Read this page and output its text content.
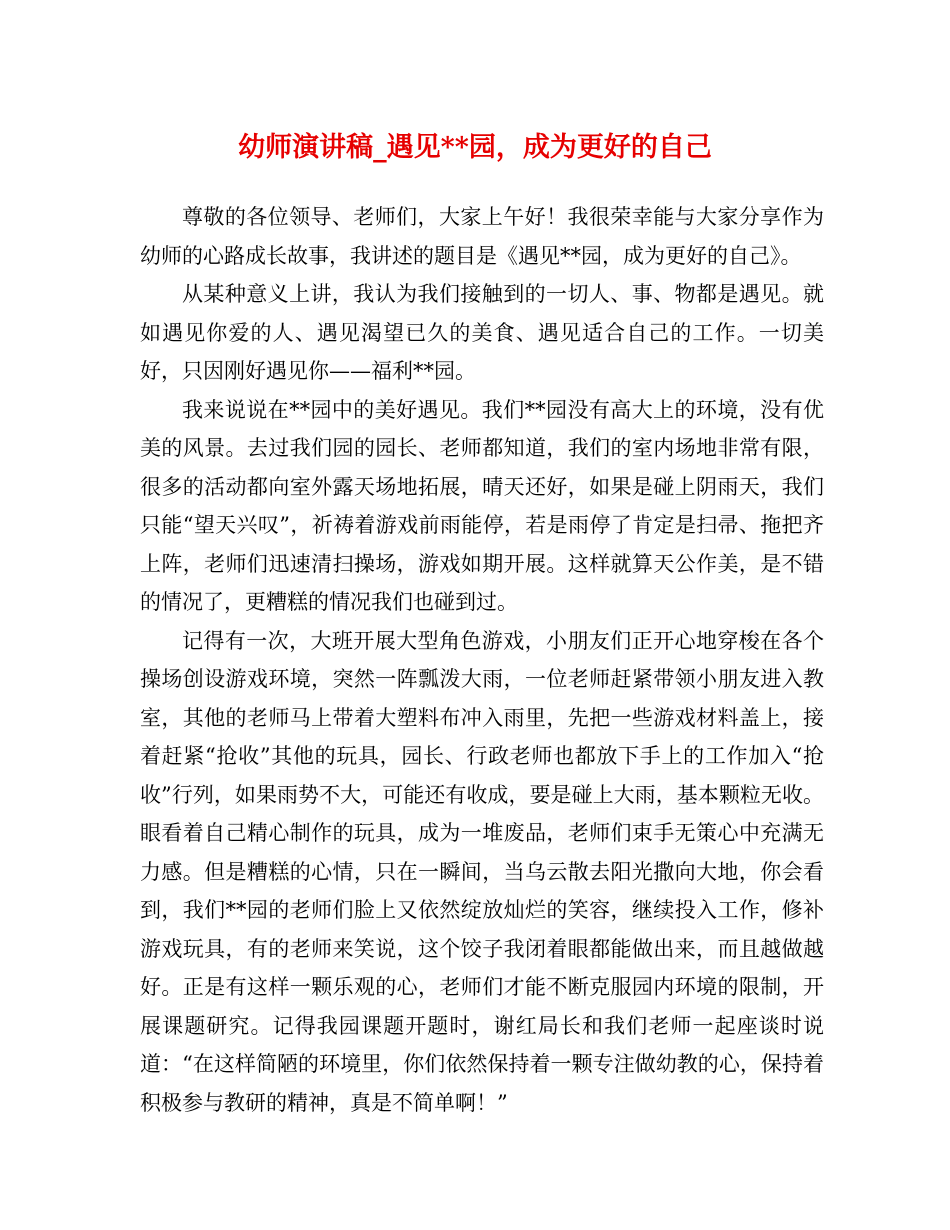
幼师演讲稿_遇见**园，成为更好的自己

尊敬的各位领导、老师们，大家上午好！我很荣幸能与大家分享作为幼师的心路成长故事，我讲述的题目是《遇见**园，成为更好的自己》。

从某种意义上讲，我认为我们接触到的一切人、事、物都是遇见。就如遇见你爱的人、遇见渴望已久的美食、遇见适合自己的工作。一切美好，只因刚好遇见你——福利**园。

我来说说在**园中的美好遇见。我们**园没有高大上的环境，没有优美的风景。去过我们园的园长、老师都知道，我们的室内场地非常有限，很多的活动都向室外露天场地拓展，晴天还好，如果是碰上阴雨天，我们只能“望天兴叹”，祈祷着游戏前雨能停，若是雨停了肯定是扫帚、拖把齐上阵，老师们迅速清扫操场，游戏如期开展。这样就算天公作美，是不错的情况了，更糟糕的情况我们也碰到过。

记得有一次，大班开展大型角色游戏，小朋友们正开心地穿梭在各个操场创设游戏环境，突然一阵瓢泼大雨，一位老师赶紧带领小朋友进入教室，其他的老师马上带着大塑料布冲入雨里，先把一些游戏材料盖上，接着赶紧“抢收”其他的玩具，园长、行政老师也都放下手上的工作加入“抢收”行列，如果雨势不大，可能还有收成，要是碰上大雨，基本颗粒无收。眼看着自己精心制作的玩具，成为一堆废品，老师们束手无策心中充满无力感。但是糟糕的心情，只在一瞬间，当乌云散去阳光撒向大地，你会看到，我们**园的老师们脸上又依然绽放灿烂的笑容，继续投入工作，修补游戏玩具，有的老师来笑说，这个饺子我闭着眼都能做出来，而且越做越好。正是有这样一颗乐观的心，老师们才能不断克服园内环境的限制，开展课题研究。记得我园课题开题时，谢红局长和我们老师一起座谈时说道：“在这样简陋的环境里，你们依然保持着一颗专注做幼教的心，保持着积极参与教研的精神，真是不简单啊！”
